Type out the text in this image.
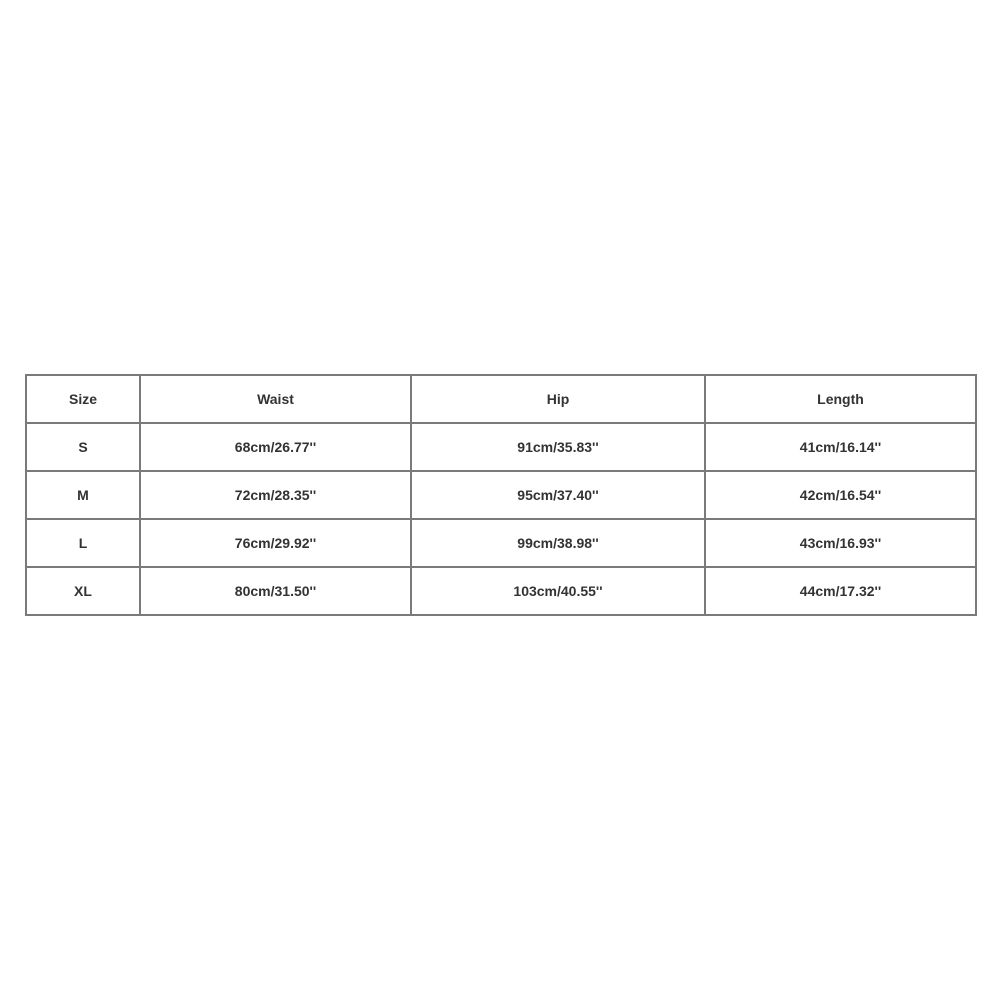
Size	Waist	Hip	Length
S	68cm/26.77''	91cm/35.83''	41cm/16.14''
M	72cm/28.35''	95cm/37.40''	42cm/16.54''
L	76cm/29.92''	99cm/38.98''	43cm/16.93''
XL	80cm/31.50''	103cm/40.55''	44cm/17.32''
